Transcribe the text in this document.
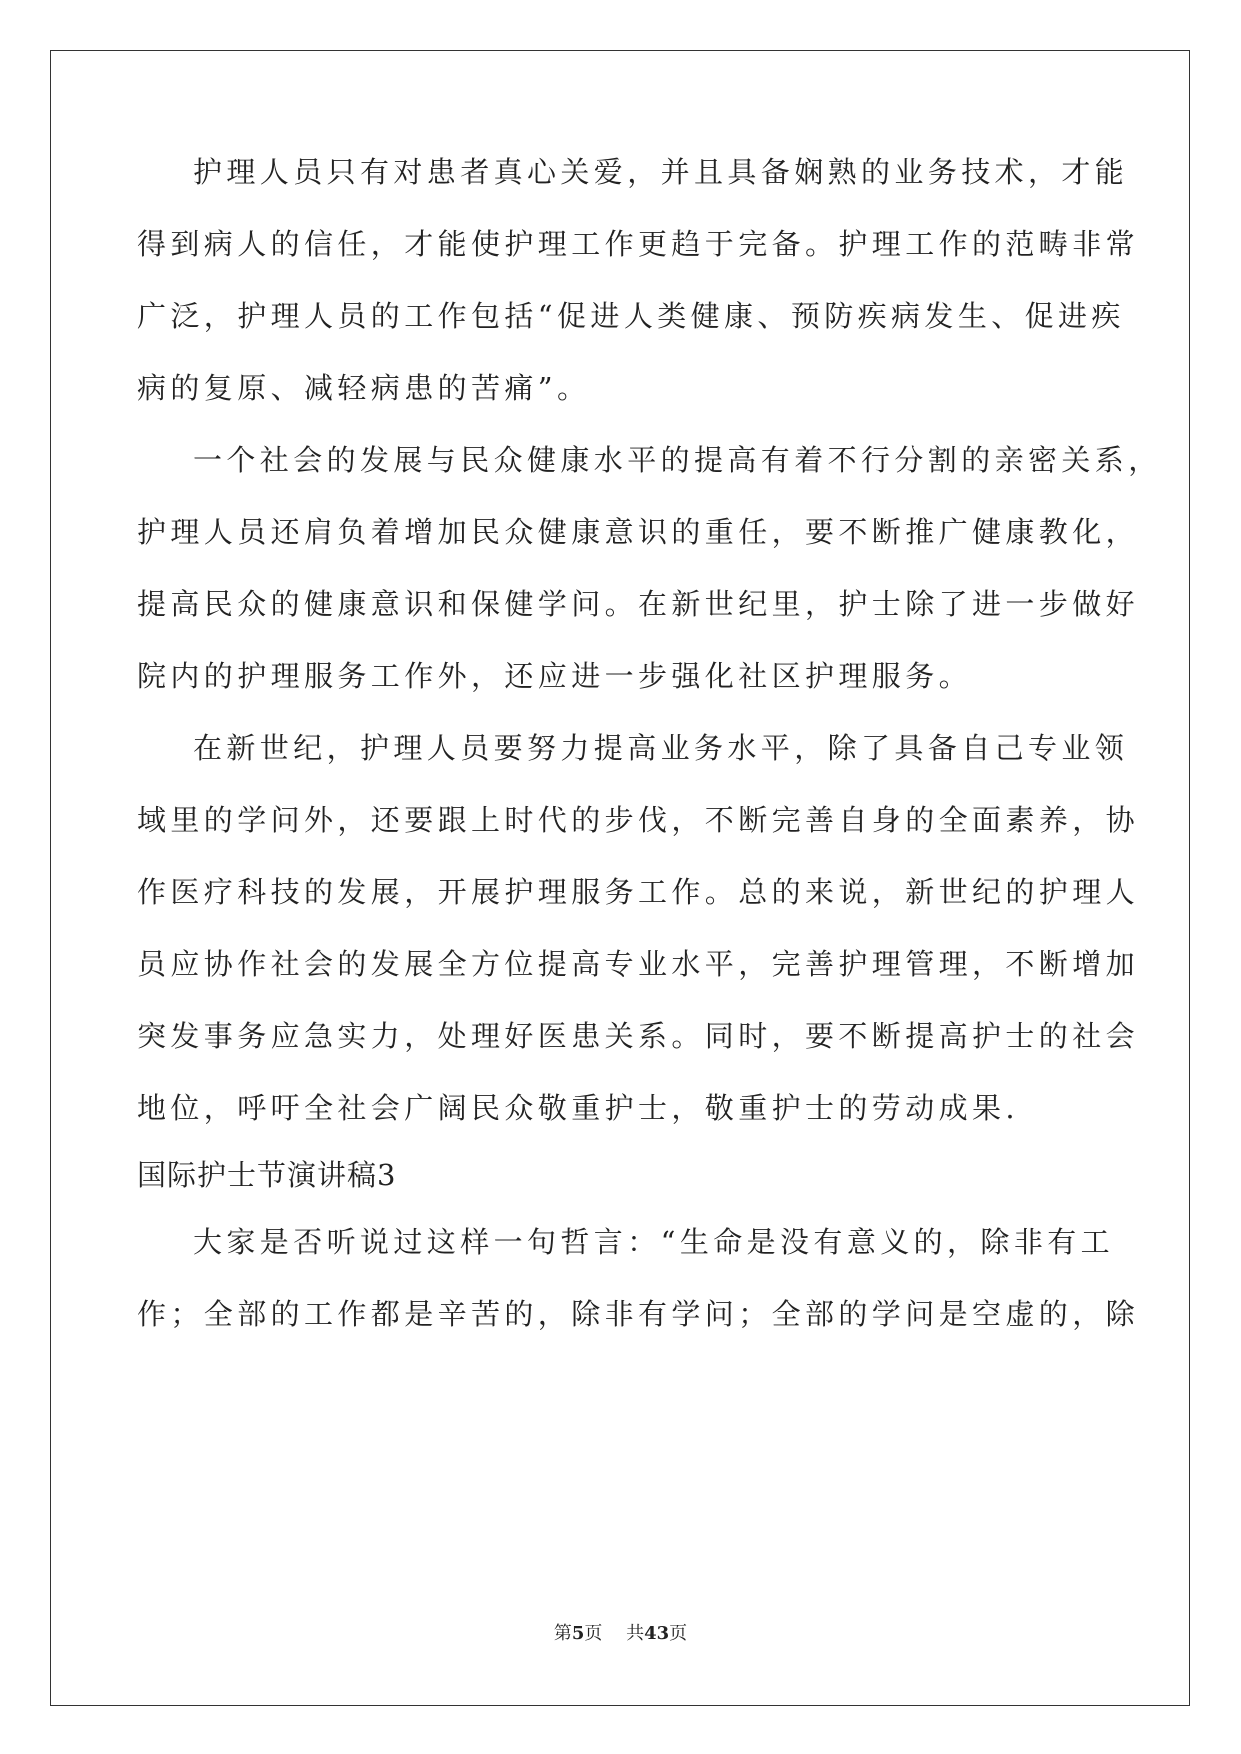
护理人员只有对患者真心关爱，并且具备娴熟的业务技术，才能
得到病人的信任，才能使护理工作更趋于完备。护理工作的范畴非常
广泛，护理人员的工作包括“促进人类健康、预防疾病发生、促进疾
病的复原、减轻病患的苦痛”。
一个社会的发展与民众健康水平的提高有着不行分割的亲密关系，
护理人员还肩负着增加民众健康意识的重任，要不断推广健康教化，
提高民众的健康意识和保健学问。在新世纪里，护士除了进一步做好
院内的护理服务工作外，还应进一步强化社区护理服务。
在新世纪，护理人员要努力提高业务水平，除了具备自己专业领
域里的学问外，还要跟上时代的步伐，不断完善自身的全面素养，协
作医疗科技的发展，开展护理服务工作。总的来说，新世纪的护理人
员应协作社会的发展全方位提高专业水平，完善护理管理，不断增加
突发事务应急实力，处理好医患关系。同时，要不断提高护士的社会
地位，呼吁全社会广阔民众敬重护士，敬重护士的劳动成果.
国际护士节演讲稿3
大家是否听说过这样一句哲言：“生命是没有意义的，除非有工
作；全部的工作都是辛苦的，除非有学问；全部的学问是空虚的，除
第5页   共43页
